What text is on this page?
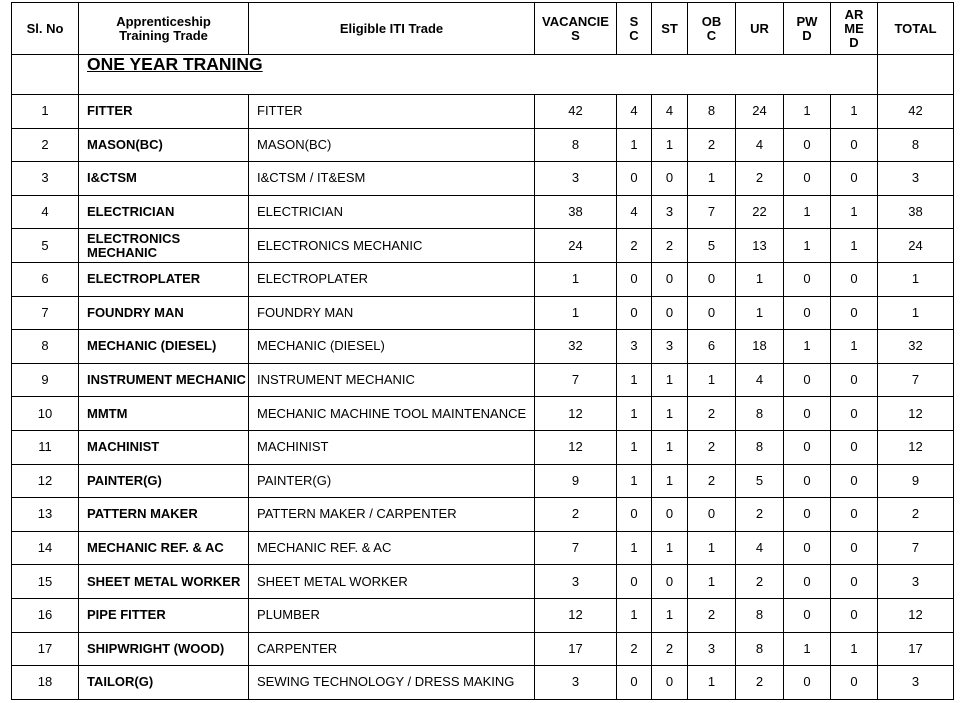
Sl. No	Apprenticeship Training Trade	Eligible ITI Trade	VACANCIES	S C	ST	OB C	UR	PW D	AR ME D	TOTAL
	ONE YEAR TRANING									
1	FITTER	FITTER	42	4	4	8	24	1	1	42
2	MASON(BC)	MASON(BC)	8	1	1	2	4	0	0	8
3	I&CTSM	I&CTSM / IT&ESM	3	0	0	1	2	0	0	3
4	ELECTRICIAN	ELECTRICIAN	38	4	3	7	22	1	1	38
5	ELECTRONICS MECHANIC	ELECTRONICS MECHANIC	24	2	2	5	13	1	1	24
6	ELECTROPLATER	ELECTROPLATER	1	0	0	0	1	0	0	1
7	FOUNDRY MAN	FOUNDRY MAN	1	0	0	0	1	0	0	1
8	MECHANIC (DIESEL)	MECHANIC (DIESEL)	32	3	3	6	18	1	1	32
9	INSTRUMENT MECHANIC	INSTRUMENT MECHANIC	7	1	1	1	4	0	0	7
10	MMTM	MECHANIC MACHINE TOOL MAINTENANCE	12	1	1	2	8	0	0	12
11	MACHINIST	MACHINIST	12	1	1	2	8	0	0	12
12	PAINTER(G)	PAINTER(G)	9	1	1	2	5	0	0	9
13	PATTERN MAKER	PATTERN MAKER / CARPENTER	2	0	0	0	2	0	0	2
14	MECHANIC REF. & AC	MECHANIC REF. & AC	7	1	1	1	4	0	0	7
15	SHEET METAL WORKER	SHEET METAL WORKER	3	0	0	1	2	0	0	3
16	PIPE FITTER	PLUMBER	12	1	1	2	8	0	0	12
17	SHIPWRIGHT (WOOD)	CARPENTER	17	2	2	3	8	1	1	17
18	TAILOR(G)	SEWING TECHNOLOGY / DRESS MAKING	3	0	0	1	2	0	0	3
